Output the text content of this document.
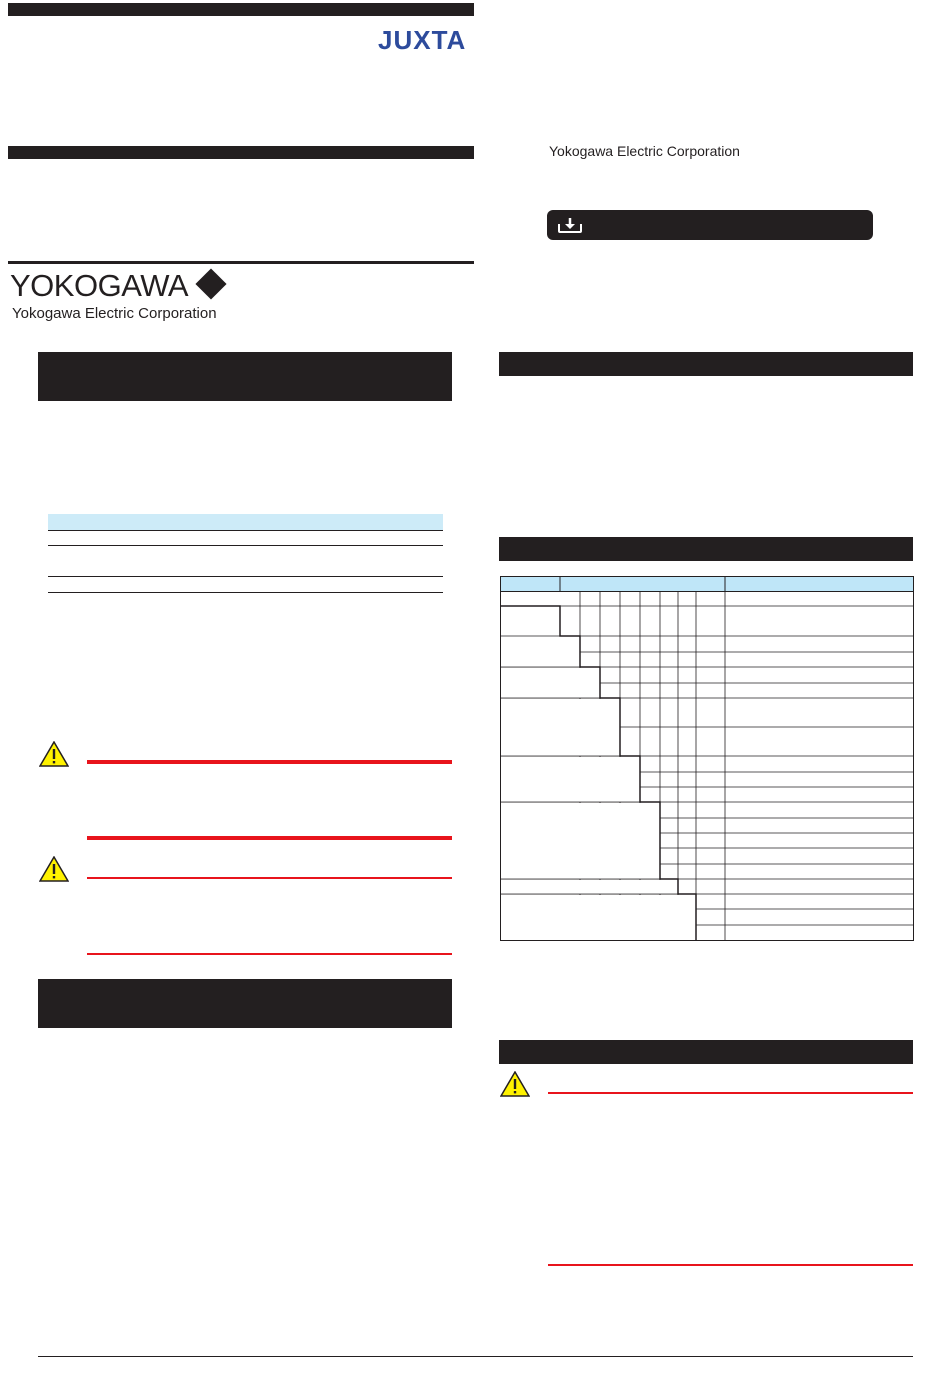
JUXTA
YOKOGAWA
Yokogawa Electric Corporation
Yokogawa Electric Corporation
